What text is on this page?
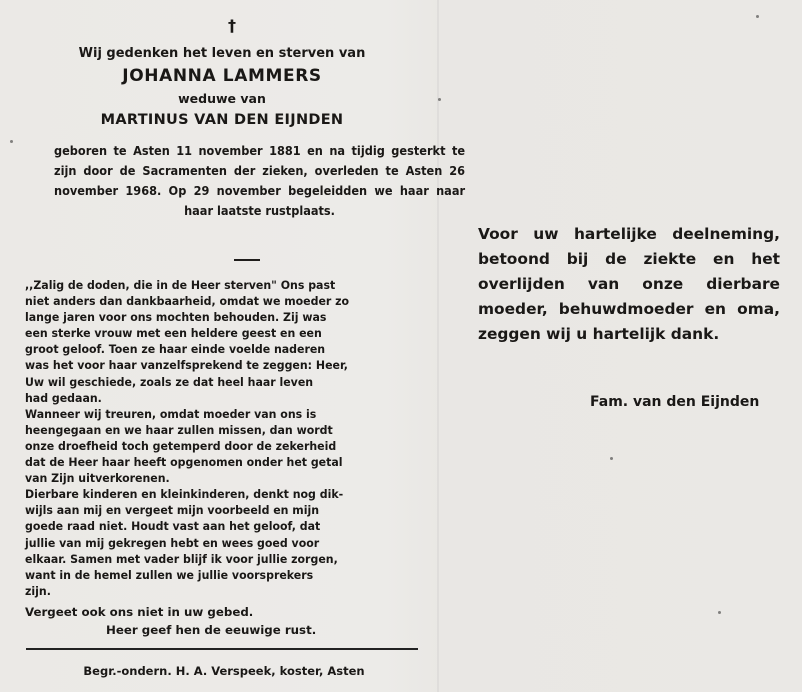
†
Wij gedenken het leven en sterven van
JOHANNA LAMMERS
weduwe van
MARTINUS VAN DEN EIJNDEN
geboren te Asten 11 november 1881 en na tijdig gesterkt te zijn door de Sacramenten der zieken, overleden te Asten 26 november 1968. Op 29 november begeleidden we haar naar haar laatste rustplaats.
,,Zalig de doden, die in de Heer sterven" Ons past
niet anders dan dankbaarheid, omdat we moeder zo
lange jaren voor ons mochten behouden. Zij was
een sterke vrouw met een heldere geest en een
groot geloof. Toen ze haar einde voelde naderen
was het voor haar vanzelfsprekend te zeggen: Heer,
Uw wil geschiede, zoals ze dat heel haar leven
had gedaan.
Wanneer wij treuren, omdat moeder van ons is
heengegaan en we haar zullen missen, dan wordt
onze droefheid toch getemperd door de zekerheid
dat de Heer haar heeft opgenomen onder het getal
van Zijn uitverkorenen.
Dierbare kinderen en kleinkinderen, denkt nog dik-
wijls aan mij en vergeet mijn voorbeeld en mijn
goede raad niet. Houdt vast aan het geloof, dat
jullie van mij gekregen hebt en wees goed voor
elkaar. Samen met vader blijf ik voor jullie zorgen,
want in de hemel zullen we jullie voorsprekers
zijn.
Vergeet ook ons niet in uw gebed.
Heer geef hen de eeuwige rust.
Begr.-ondern. H. A. Verspeek, koster, Asten
Voor uw hartelijke deelneming, betoond bij de ziekte en het overlijden van onze dierbare moeder, behuwdmoeder en oma, zeggen wij u hartelijk dank.
Fam. van den Eijnden
